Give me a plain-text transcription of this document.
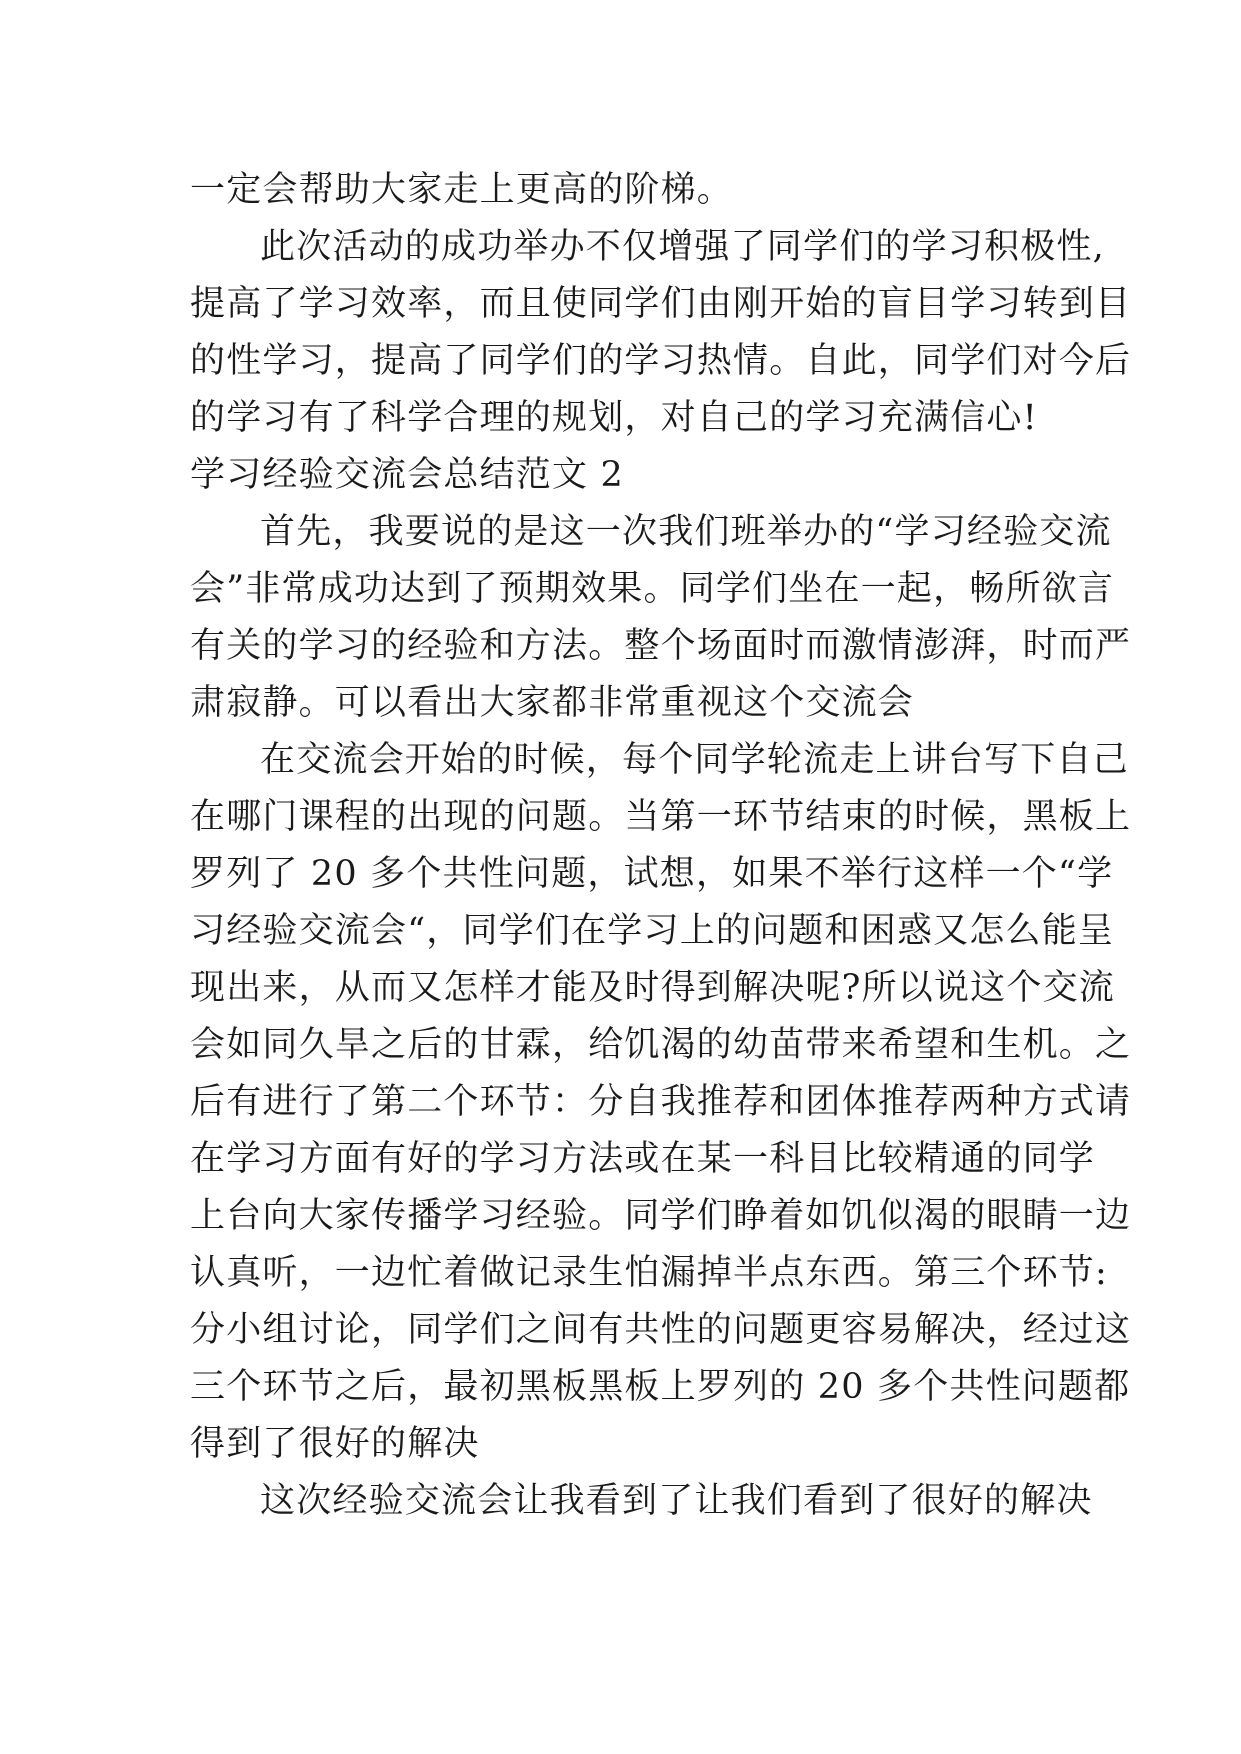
一定会帮助大家走上更高的阶梯。
此次活动的成功举办不仅增强了同学们的学习积极性,
提高了学习效率，而且使同学们由刚开始的盲目学习转到目
的性学习，提高了同学们的学习热情。自此，同学们对今后
的学习有了科学合理的规划，对自己的学习充满信心!
学习经验交流会总结范文 2
首先，我要说的是这一次我们班举办的“学习经验交流
会”非常成功达到了预期效果。同学们坐在一起，畅所欲言
有关的学习的经验和方法。整个场面时而激情澎湃，时而严
肃寂静。可以看出大家都非常重视这个交流会
在交流会开始的时候，每个同学轮流走上讲台写下自己
在哪门课程的出现的问题。当第一环节结束的时候，黑板上
罗列了 20 多个共性问题，试想，如果不举行这样一个“学
习经验交流会“，同学们在学习上的问题和困惑又怎么能呈
现出来，从而又怎样才能及时得到解决呢?所以说这个交流
会如同久旱之后的甘霖，给饥渴的幼苗带来希望和生机。之
后有进行了第二个环节：分自我推荐和团体推荐两种方式请
在学习方面有好的学习方法或在某一科目比较精通的同学
上台向大家传播学习经验。同学们睁着如饥似渴的眼睛一边
认真听，一边忙着做记录生怕漏掉半点东西。第三个环节:
分小组讨论，同学们之间有共性的问题更容易解决，经过这
三个环节之后，最初黑板黑板上罗列的 20 多个共性问题都
得到了很好的解决
这次经验交流会让我看到了让我们看到了很好的解决
